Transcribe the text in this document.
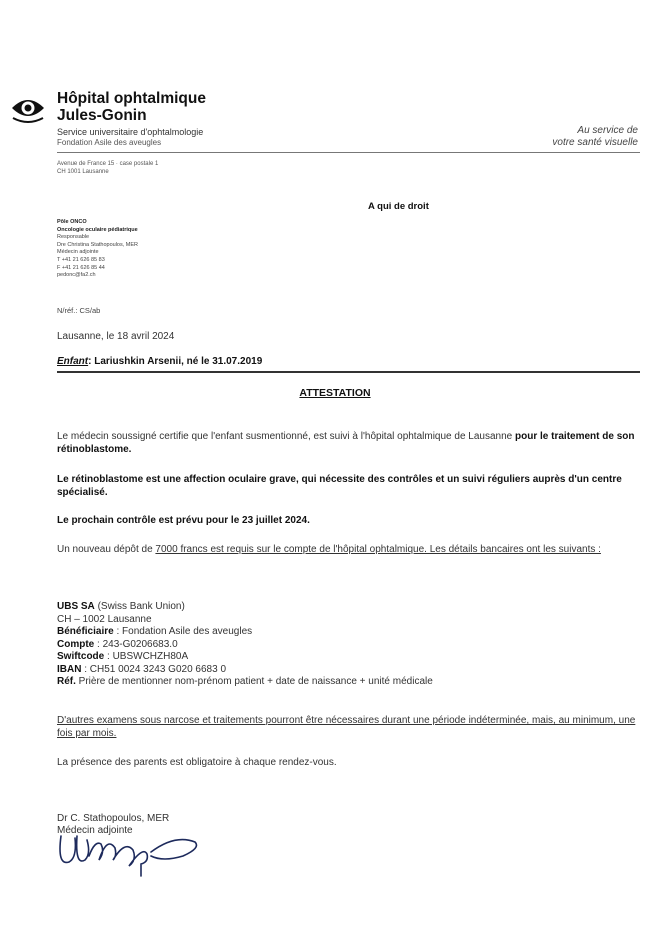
Hôpital ophtalmique
Jules-Gonin
Service universitaire d'ophtalmologie
Fondation Asile des aveugles
Au service de
votre santé visuelle
Avenue de France 15 · case postale 1
CH 1001 Lausanne
A qui de droit
Pôle ONCO
Oncologie oculaire pédiatrique
Responsable
Dre Christina Stathopoulos, MER
Médecin adjointe
T +41 21 626 85 83
F +41 21 626 85 44
pedonc@fa2.ch
N/réf.: CS/ab
Lausanne, le 18 avril 2024
Enfant: Lariushkin Arsenii, né le 31.07.2019
ATTESTATION
Le médecin soussigné certifie que l'enfant susmentionné, est suivi à l'hôpital ophtalmique de Lausanne pour le traitement de son rétinoblastome.
Le rétinoblastome est une affection oculaire grave, qui nécessite des contrôles et un suivi réguliers auprès d'un centre spécialisé.
Le prochain contrôle est prévu pour le 23 juillet 2024.
Un nouveau dépôt de 7000 francs est requis sur le compte de l'hôpital ophtalmique. Les détails bancaires ont les suivants :
UBS SA (Swiss Bank Union)
CH – 1002 Lausanne
Bénéficiaire : Fondation Asile des aveugles
Compte : 243-G0206683.0
Swiftcode : UBSWCHZH80A
IBAN : CH51 0024 3243 G020 6683 0
Réf. Prière de mentionner nom-prénom patient + date de naissance + unité médicale
D'autres examens sous narcose et traitements pourront être nécessaires durant une période indéterminée, mais, au minimum, une fois par mois.
La présence des parents est obligatoire à chaque rendez-vous.
Dr C. Stathopoulos, MER
Médecin adjointe
